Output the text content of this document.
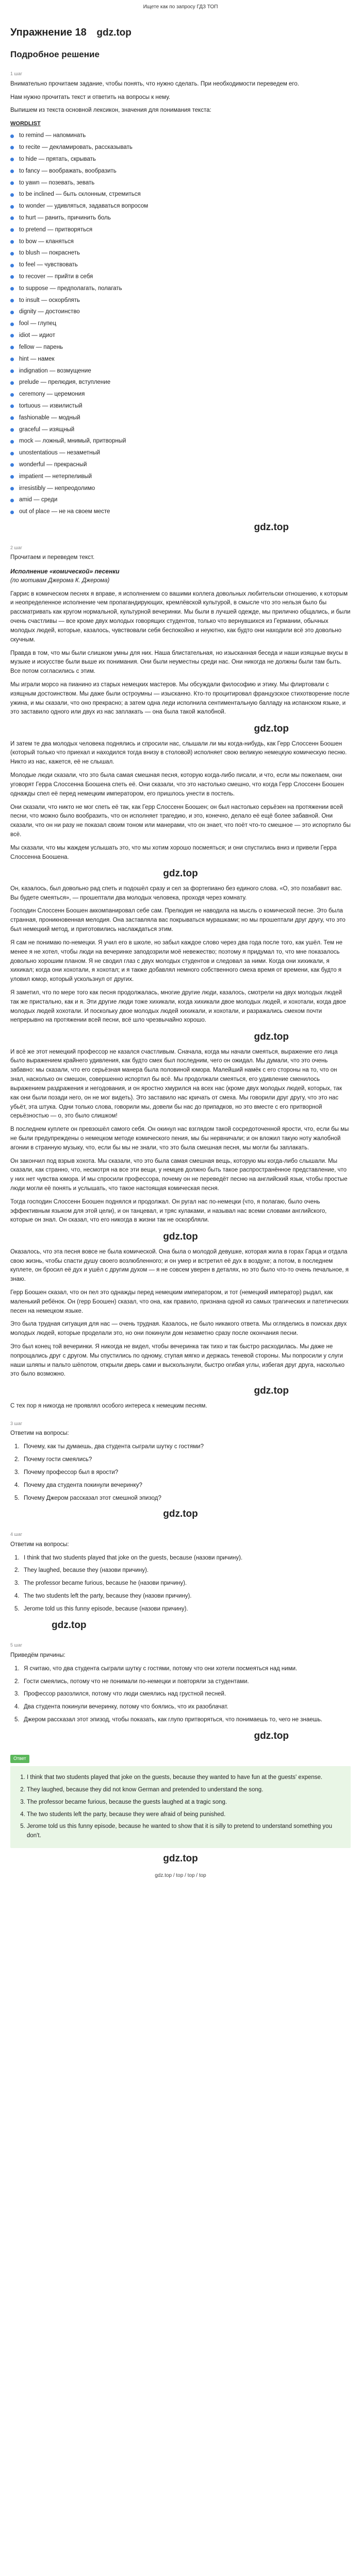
Ищете как по запросу ГДЗ ТОП
Упражнение 18 gdz.top
Подробное решение
1 шаг

Внимательно прочитаем задание, чтобы понять, что нужно сделать. При необходимости переведем его.

Нам нужно прочитать текст и ответить на вопросы к нему.

Выпишем из текста основной лексикон, значения для понимания текста:

WORDLIST
to remind — напоминать
to recite — декламировать, рассказывать
to hide — прятать, скрывать
to fancy — воображать, вообразить
to yawn — позевать, зевать
to be inclined — быть склонным, стремиться
to wonder — удивляться, задаваться вопросом
to hurt — ранить, причинить боль
to pretend — притворяться
to bow — кланяться
to blush — покраснеть
to feel — чувствовать
to recover — прийти в себя
to suppose — предполагать, полагать
to insult — оскорблять
dignity — достоинство
fool — глупец
idiot — идиот
fellow — парень
hint — намек
indignation — возмущение
prelude — прелюдия, вступление
ceremony — церемония
tortuous — извилистый
fashionable — модный
graceful — изящный
mock — ложный, мнимый, притворный
unostentatious — незаметный
wonderful — прекрасный
impatient — нетерпеливый
irresistibly — непреодолимо
amid — среди
out of place — не на своем месте
gdz.top
2 шаг

Прочитаем и переведем текст.

Исполнение «комической» песенки
(по мотивам Джерома К. Джерома)

Гаррис в комическом песнях я вправе, я исполнением со вашими коллега довольных любительски отношению, к которым и неопределенное исполнение чем пропагандирующих, кремлёвской культурой, в смысле что это нельзя было бы рассматривать как кругом нормальной, культурной вечеринки. Мы были в лучшей одежде, мы прилично общались, и были очень счастливы — все кроме двух молодых говорящих студентов, только что вернувшихся из Германии, обычных молодых людей, которые, казалось, чувствовали себя беспокойно и неуютно, как будто они находили всё это довольно скучным.

Правда в том, что мы были слишком умны для них. Наша блистательная, но изысканная беседа и наши изящные вкусы в музыке и искусстве были выше их понимания. Они были неуместны среди нас. Они никогда не должны были там быть. Все потом согласились с этим.

Мы играли морсо на пианино из старых немецких мастеров. Мы обсуждали философию и этику. Мы флиртовали с изящным достоинством. Мы даже были остроумны — изысканно. Кто-то процитировал французское стихотворение после ужина, и мы сказали, что оно прекрасно; а затем одна леди исполнила сентиментальную балладу на испанском языке, и это заставило одного или двух из нас заплакать — она была такой жалобной.

gdz.top

И затем те два молодых человека поднялись и спросили нас, слышали ли мы когда-нибудь, как Герр Слоссенн Боошен (который только что приехал и находился тогда внизу в столовой) исполняет свою великую немецкую комическую песню. Никто из нас, кажется, её не слышал.

Молодые люди сказали, что это была самая смешная песня, которую когда-либо писали, и что, если мы пожелаем, они уговорят Герра Слоссенна Боошена спеть её. Они сказали, что это настолько смешно, что когда Герр Слоссенн Боошен однажды спел её перед немецким императором, его пришлось унести в постель.

Они сказали, что никто не мог спеть её так, как Герр Слоссенн Боошен; он был настолько серьёзен на протяжении всей песни, что можно было вообразить, что он исполняет трагедию, и это, конечно, делало её ещё более забавной. Они сказали, что он ни разу не показал своим тоном или манерами, что он знает, что поёт что-то смешное — это испортило бы всё.

Мы сказали, что мы жаждем услышать это, что мы хотим хорошо посмеяться; и они спустились вниз и привели Герра Слоссенна Боошена.

gdz.top

Он, казалось, был довольно рад спеть и подошёл сразу и сел за фортепиано без единого слова. «О, это позабавит вас. Вы будете смеяться», — прошептали два молодых человека, проходя через комнату.

Господин Слоссенн Боошен аккомпанировал себе сам. Прелюдия не наводила на мысль о комической песне. Это была странная, проникновенная мелодия. Она заставляла вас покрываться мурашками; но мы прошептали друг другу, что это был немецкий метод, и приготовились наслаждаться этим.

Я сам не понимаю по-немецки. Я учил его в школе, но забыл каждое слово через два года после того, как ушёл. Тем не менее я не хотел, чтобы люди на вечеринке заподозрили моё невежество; поэтому я придумал то, что мне показалось довольно хорошим планом. Я не сводил глаз с двух молодых студентов и следовал за ними. Когда они хихикали, я хихикал; когда они хохотали, я хохотал; и я также добавлял немного собственного смеха время от времени, как будто я уловил юмор, который ускользнул от других.

Я заметил, что по мере того как песня продолжалась, многие другие люди, казалось, смотрели на двух молодых людей так же пристально, как и я. Эти другие люди тоже хихикали, когда хихикали двое молодых людей, и хохотали, когда двое молодых людей хохотали. И поскольку двое молодых людей хихикали, и хохотали, и разражались смехом почти непрерывно на протяжении всей песни, всё шло чрезвычайно хорошо.

gdz.top

И всё же этот немецкий профессор не казался счастливым. Сначала, когда мы начали смеяться, выражение его лица было выражением крайнего удивления, как будто смех был последним, чего он ожидал. Мы думали, что это очень забавно: мы сказали, что его серьёзная манера была половиной юмора. Малейший намёк с его стороны на то, что он знал, насколько он смешон, совершенно испортил бы всё. Мы продолжали смеяться, его удивление сменилось выражением раздражения и негодования, и он яростно хмурился на всех нас (кроме двух молодых людей, которых, так как они были позади него, он не мог видеть). Это заставило нас кричать от смеха. Мы говорили друг другу, что это нас убьёт, эта штука. Одни только слова, говорили мы, довели бы нас до припадков, но это вместе с его притворной серьёзностью — о, это было слишком!

В последнем куплете он превзошёл самого себя. Он окинул нас взглядом такой сосредоточенной ярости, что, если бы мы не были предупреждены о немецком методе комического пения, мы бы нервничали; и он вложил такую ноту жалобной агонии в странную музыку, что, если бы мы не знали, что это была смешная песня, мы могли бы заплакать.

Он закончил под взрыв хохота. Мы сказали, что это была самая смешная вещь, которую мы когда-либо слышали. Мы сказали, как странно, что, несмотря на все эти вещи, у немцев должно быть такое распространённое представление, что у них нет чувства юмора. И мы спросили профессора, почему он не переведёт песню на английский язык, чтобы простые люди могли её понять и услышать, что такое настоящая комическая песня.

Тогда господин Слоссенн Боошен поднялся и продолжал. Он ругал нас по-немецки (что, я полагаю, было очень эффективным языком для этой цели), и он танцевал, и тряс кулаками, и называл нас всеми словами английского, которые он знал. Он сказал, что его никогда в жизни так не оскорбляли.

gdz.top

Оказалось, что эта песня вовсе не была комической. Она была о молодой девушке, которая жила в горах Гарца и отдала свою жизнь, чтобы спасти душу своего возлюбленного; и он умер и встретил её дух в воздухе; а потом, в последнем куплете, он бросил её дух и ушёл с другим духом — я не совсем уверен в деталях, но это было что-то очень печальное, я знаю.

Герр Боошен сказал, что он пел это однажды перед немецким императором, и тот (немецкий император) рыдал, как маленький ребёнок. Он (герр Боошен) сказал, что она, как правило, признана одной из самых трагических и патетических песен на немецком языке.

Это была трудная ситуация для нас — очень трудная. Казалось, не было никакого ответа. Мы огляделись в поисках двух молодых людей, которые проделали это, но они покинули дом незаметно сразу после окончания песни.

Это был конец той вечеринки. Я никогда не видел, чтобы вечеринка так тихо и так быстро расходилась. Мы даже не попрощались друг с другом. Мы спустились по одному, ступая мягко и держась теневой стороны. Мы попросили у слуги наши шляпы и пальто шёпотом, открыли дверь сами и выскользнули, быстро огибая углы, избегая друг друга, насколько это было возможно.

gdz.top

С тех пор я никогда не проявлял особого интереса к немецким песням.

3 шаг

Ответим на вопросы:

1. Почему, как ты думаешь, два студента сыграли шутку с гостями?
2. Почему гости смеялись?
3. Почему профессор был в ярости?
4. Почему два студента покинули вечеринку?
5. Почему Джером рассказал этот смешной эпизод?
gdz.top
4 шаг

Ответим на вопросы:

1. I think that two students played that joke on the guests, because (назови причину).
2. They laughed, because they (назови причину).
3. The professor became furious, because he (назови причину).
4. The two students left the party, because they (назови причину).
5. Jerome told us this funny episode, because (назови причину).
gdz.top
5 шаг

Приведём причины:

1. Я считаю, что два студента сыграли шутку с гостями, потому что они хотели посмеяться над ними.
2. Гости смеялись, потому что не понимали по-немецки и повторяли за студентами.
3. Профессор разозлился, потому что люди смеялись над грустной песней.
4. Два студента покинули вечеринку, потому что боялись, что их разоблачат.
5. Джером рассказал этот эпизод, чтобы показать, как глупо притворяться, что понимаешь то, чего не знаешь.
gdz.top
Ответ
1. I think that two students played that joke on the guests, because they wanted to have fun at the guests' expense.
2. They laughed, because they did not know German and pretended to understand the song.
3. The professor became furious, because the guests laughed at a tragic song.
4. The two students left the party, because they were afraid of being punished.
5. Jerome told us this funny episode, because he wanted to show that it is silly to pretend to understand something you don't.
gdz.top
gdz.top / top / top / top
